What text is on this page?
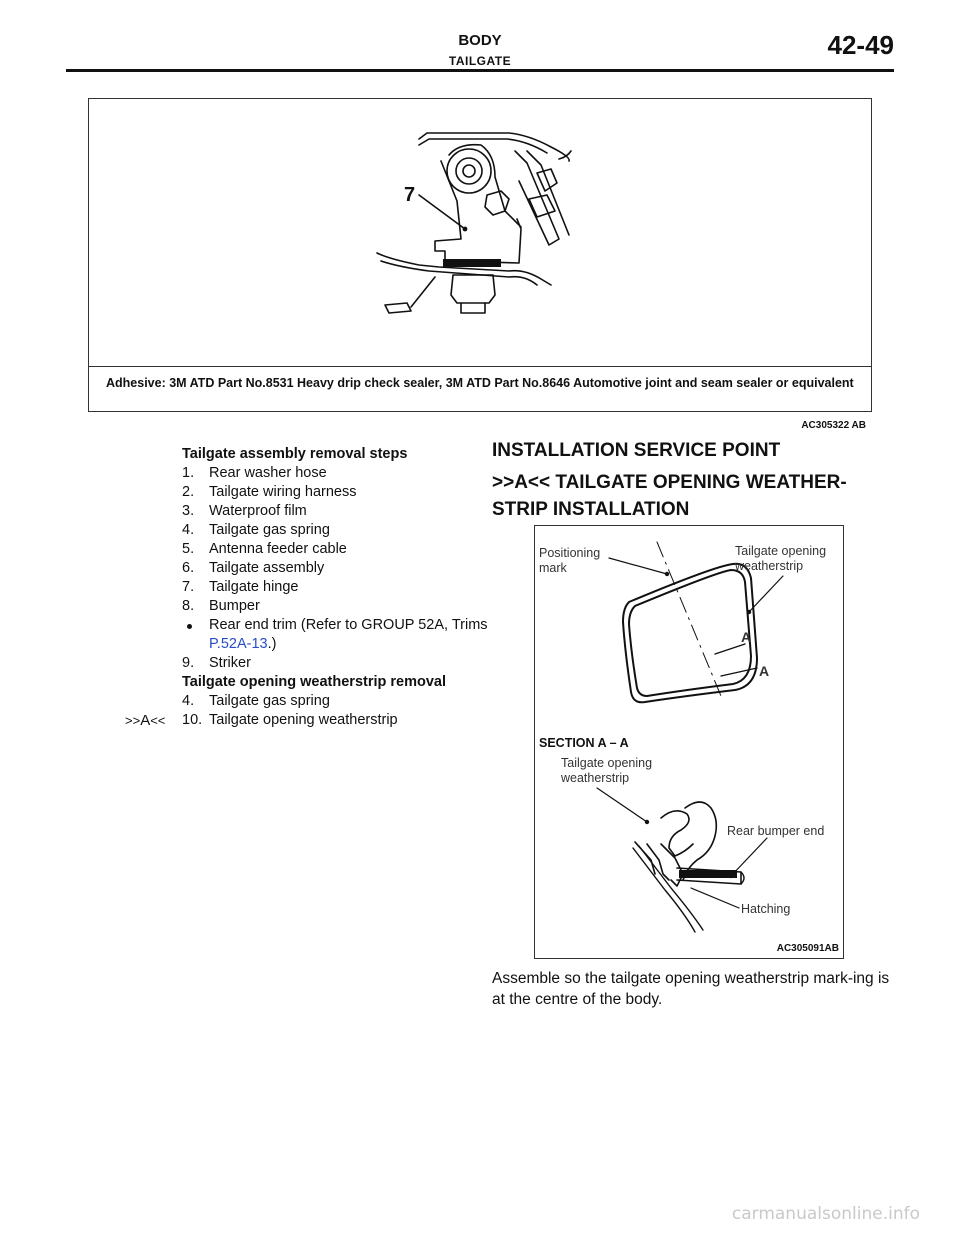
BODY
TAILGATE
42-49
7
Adhesive: 3M ATD Part No.8531 Heavy drip check sealer, 3M ATD Part No.8646 Automotive joint and seam sealer or equivalent
AC305322 AB
Tailgate assembly removal steps
1. Rear washer hose
2. Tailgate wiring harness
3. Waterproof film
4. Tailgate gas spring
5. Antenna feeder cable
6. Tailgate assembly
7. Tailgate hinge
8. Bumper
Rear end trim (Refer to GROUP 52A, Trims P.52A-13.)
9. Striker
Tailgate opening weatherstrip removal
4. Tailgate gas spring
>>A<< 10. Tailgate opening weatherstrip
INSTALLATION SERVICE POINT
>>A<< TAILGATE OPENING WEATHER-STRIP INSTALLATION
Positioning mark
Tailgate opening weatherstrip
A
A
SECTION A – A
Tailgate opening weatherstrip
Rear bumper end
Hatching
AC305091AB
Assemble so the tailgate opening weatherstrip mark-ing is at the centre of the body.
carmanualsonline.info
